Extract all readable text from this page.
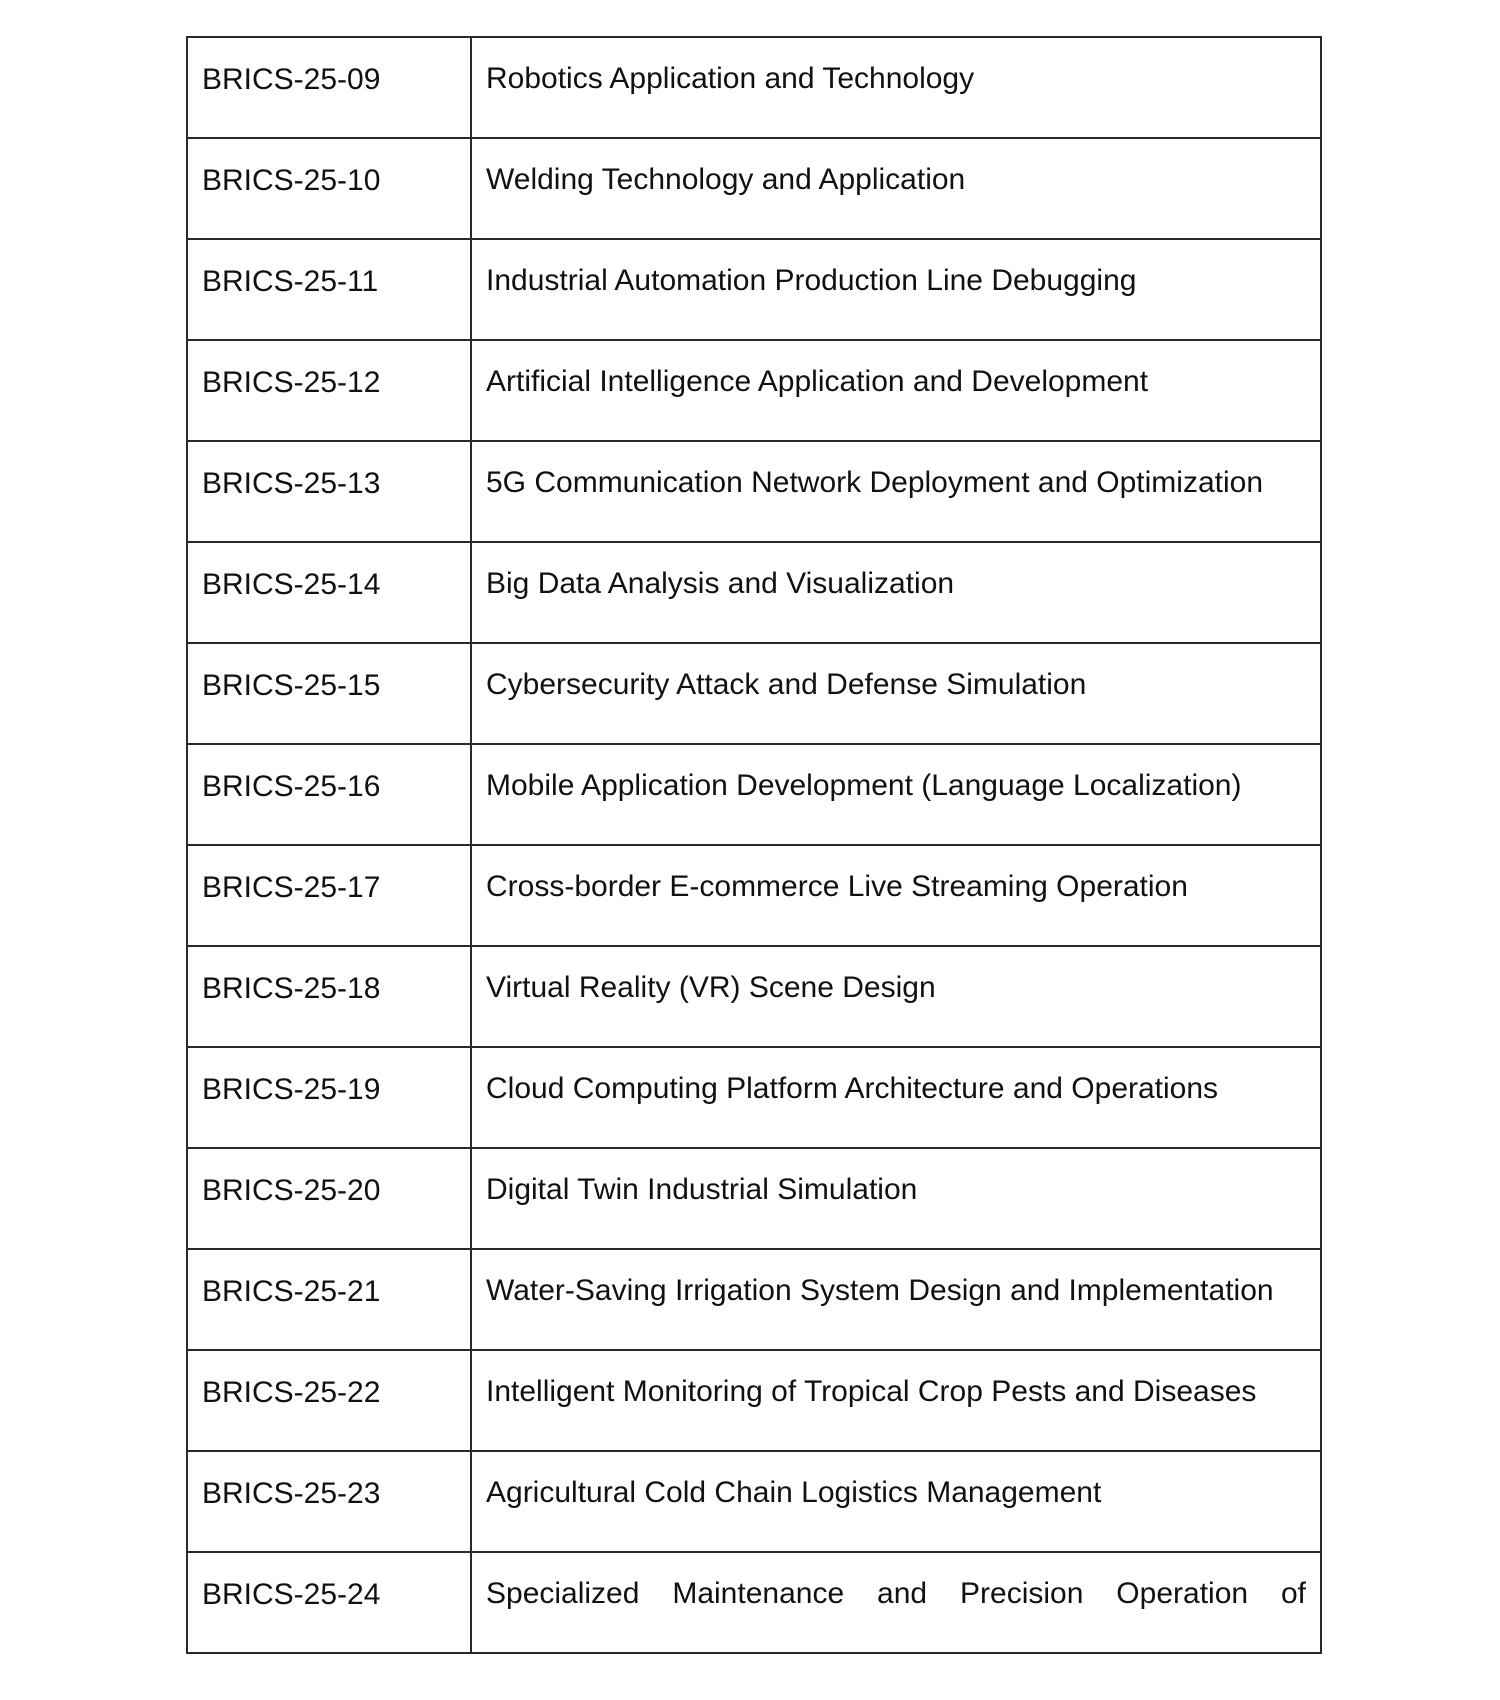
BRICS-25-09	Robotics Application and Technology

BRICS-25-10	Welding Technology and Application

BRICS-25-11	Industrial Automation Production Line Debugging

BRICS-25-12	Artificial Intelligence Application and Development

BRICS-25-13	5G Communication Network Deployment and Optimization

BRICS-25-14	Big Data Analysis and Visualization

BRICS-25-15	Cybersecurity Attack and Defense Simulation

BRICS-25-16	Mobile Application Development (Language Localization)

BRICS-25-17	Cross-border E-commerce Live Streaming Operation

BRICS-25-18	Virtual Reality (VR) Scene Design

BRICS-25-19	Cloud Computing Platform Architecture and Operations

BRICS-25-20	Digital Twin Industrial Simulation

BRICS-25-21	Water-Saving Irrigation System Design and Implementation

BRICS-25-22	Intelligent Monitoring of Tropical Crop Pests and Diseases

BRICS-25-23	Agricultural Cold Chain Logistics Management

BRICS-25-24	Specialized Maintenance and Precision Operation of
